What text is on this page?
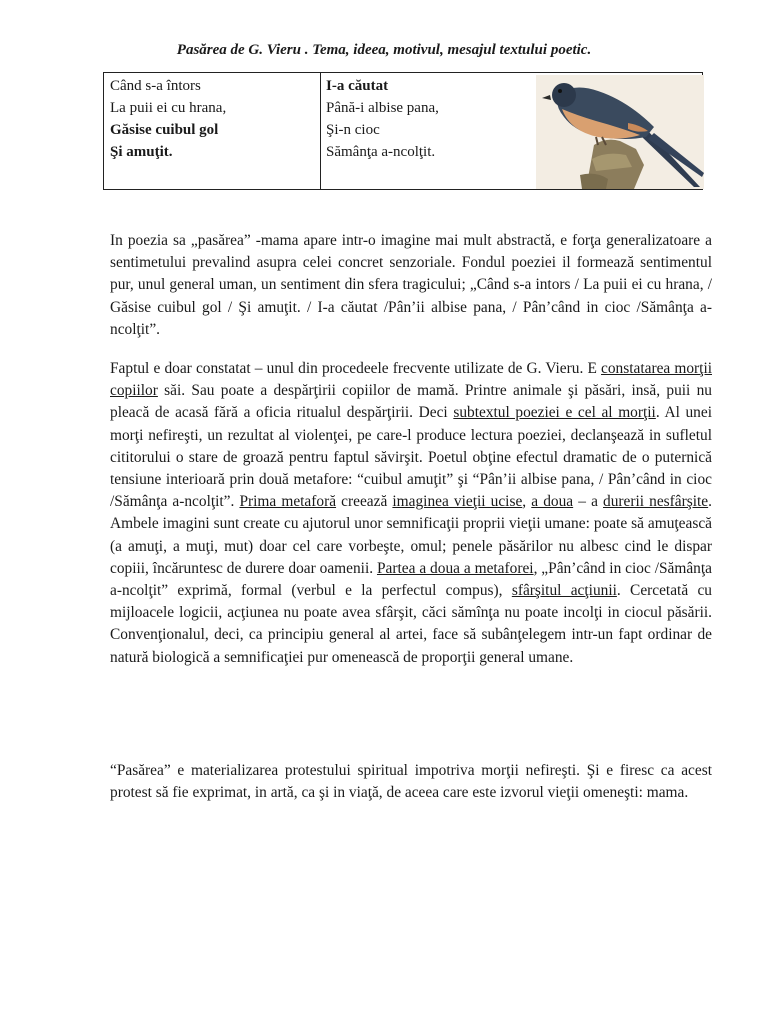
Pasărea de G. Vieru . Tema, ideea, motivul, mesajul textului poetic.
Când s-a întors
La puii ei cu hrana,
Găsise cuibul gol
Şi amuţit.
I-a căutat
Până-i albise pana,
Şi-n cioc
Sămânţa a-ncolţit.
In poezia sa „pasărea” -mama apare intr-o imagine mai mult abstractă, e forţa generalizatoare a sentimetului prevalind asupra celei concret senzoriale. Fondul poeziei il formează sentimentul pur, unul general uman, un sentiment din sfera tragicului; „Când s-a intors / La puii ei cu hrana, / Găsise cuibul gol / Şi amuţit. / I-a căutat /Pân’ii albise pana, / Pân’când in cioc /Sămânţa a-ncolţit”.
Faptul e doar constatat – unul din procedeele frecvente utilizate de G. Vieru. E constatarea morţii copiilor săi. Sau poate a despărţirii copiilor de mamă. Printre animale şi păsări, insă, puii nu pleacă de acasă fără a oficia ritualul despărţirii. Deci subtextul poeziei e cel al morţii. Al unei morţi nefireşti, un rezultat al violenţei, pe care-l produce lectura poeziei, declanşează in sufletul cititorului o stare de groază pentru faptul săvirşit. Poetul obţine efectul dramatic de o puternică tensiune interioară prin două metafore: “cuibul amuţit” şi “Pân’ii albise pana, / Pân’când in cioc /Sămânţa a-ncolţit”. Prima metaforă creează imaginea vieţii ucise, a doua – a durerii nesfârşite. Ambele imagini sunt create cu ajutorul unor semnificaţii proprii vieţii umane: poate să amuţească (a amuţi, a muţi, mut) doar cel care vorbeşte, omul; penele păsărilor nu albesc cind le dispar copiii, încăruntesc de durere doar oamenii. Partea a doua a metaforei, „Pân’când in cioc /Sămânţa a-ncolţit” exprimă, formal (verbul e la perfectul compus), sfârşitul acţiunii. Cercetată cu mijloacele logicii, acţiunea nu poate avea sfârşit, căci sămînţa nu poate incolţi in ciocul păsării. Convenţionalul, deci, ca principiu general al artei, face să subânţelegem intr-un fapt ordinar de natură biologică a semnificaţiei pur omenească de proporţii general umane.
“Pasărea” e materializarea protestului spiritual impotriva morţii nefireşti. Şi e firesc ca acest protest să fie exprimat, in artă, ca şi in viaţă, de aceea care este izvorul vieţii omeneşti: mama.
